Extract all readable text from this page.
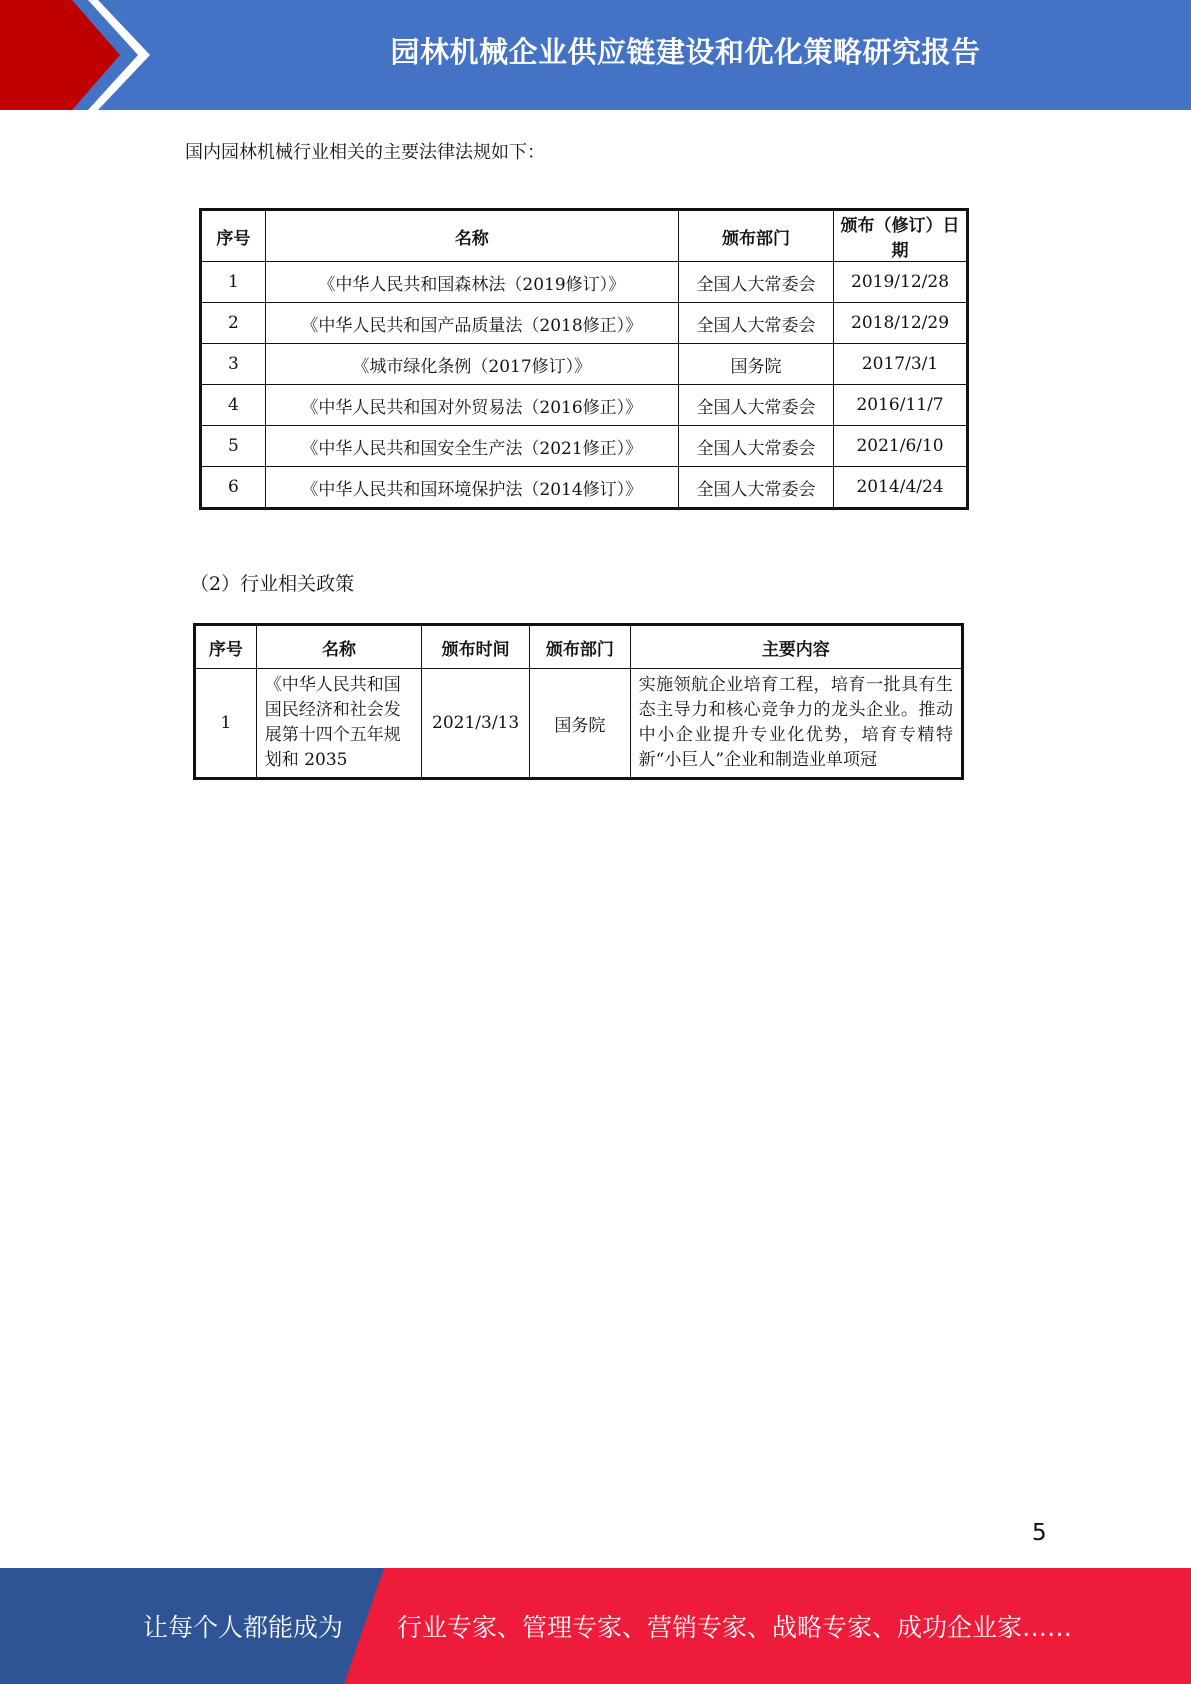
园林机械企业供应链建设和优化策略研究报告
国内园林机械行业相关的主要法律法规如下：
序号	名称	颁布部门	颁布（修订）日期
1	《中华人民共和国森林法（2019修订）》	全国人大常委会	2019/12/28
2	《中华人民共和国产品质量法（2018修正）》	全国人大常委会	2018/12/29
3	《城市绿化条例（2017修订）》	国务院	2017/3/1
4	《中华人民共和国对外贸易法（2016修正）》	全国人大常委会	2016/11/7
5	《中华人民共和国安全生产法（2021修正）》	全国人大常委会	2021/6/10
6	《中华人民共和国环境保护法（2014修订）》	全国人大常委会	2014/4/24
（2）行业相关政策
序号	名称	颁布时间	颁布部门	主要内容
1	《中华人民共和国国民经济和社会发展第十四个五年规划和 2035	2021/3/13	国务院	实施领航企业培育工程，培育一批具有生态主导力和核心竞争力的龙头企业。推动中小企业提升专业化优势，培育专精特新“小巨人”企业和制造业单项冠
5
让每个人都能成为 行业专家、管理专家、营销专家、战略专家、成功企业家……
